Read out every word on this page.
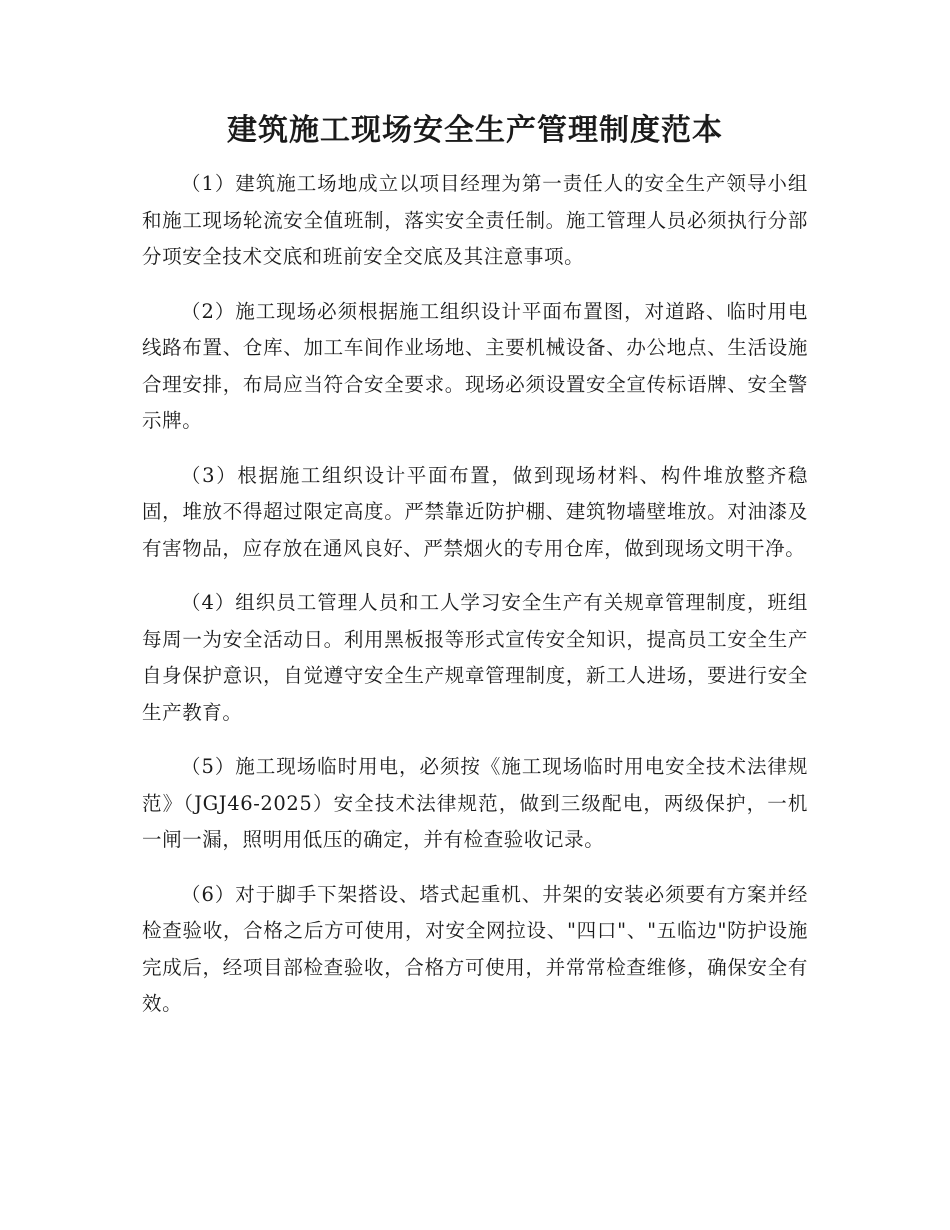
建筑施工现场安全生产管理制度范本

（1）建筑施工场地成立以项目经理为第一责任人的安全生产领导小组和施工现场轮流安全值班制，落实安全责任制。施工管理人员必须执行分部分项安全技术交底和班前安全交底及其注意事项。

（2）施工现场必须根据施工组织设计平面布置图，对道路、临时用电线路布置、仓库、加工车间作业场地、主要机械设备、办公地点、生活设施合理安排，布局应当符合安全要求。现场必须设置安全宣传标语牌、安全警示牌。

（3）根据施工组织设计平面布置，做到现场材料、构件堆放整齐稳固，堆放不得超过限定高度。严禁靠近防护棚、建筑物墙壁堆放。对油漆及有害物品，应存放在通风良好、严禁烟火的专用仓库，做到现场文明干净。

（4）组织员工管理人员和工人学习安全生产有关规章管理制度，班组每周一为安全活动日。利用黑板报等形式宣传安全知识，提高员工安全生产自身保护意识，自觉遵守安全生产规章管理制度，新工人进场，要进行安全生产教育。

（5）施工现场临时用电，必须按《施工现场临时用电安全技术法律规范》（JGJ46-2025）安全技术法律规范，做到三级配电，两级保护，一机一闸一漏，照明用低压的确定，并有检查验收记录。

（6）对于脚手下架搭设、塔式起重机、井架的安装必须要有方案并经检查验收，合格之后方可使用，对安全网拉设、"四口"、"五临边"防护设施完成后，经项目部检查验收，合格方可使用，并常常检查维修，确保安全有效。
